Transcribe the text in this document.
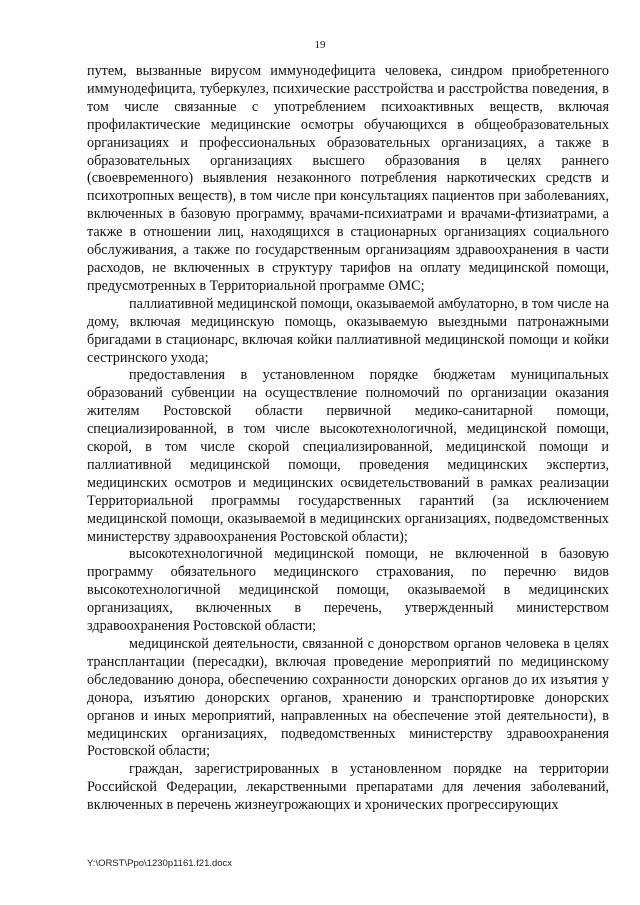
19

путем, вызванные вирусом иммунодефицита человека, синдром приобретенного иммунодефицита, туберкулез, психические расстройства и расстройства поведения, в том числе связанные с употреблением психоактивных веществ, включая профилактические медицинские осмотры обучающихся в общеобразовательных организациях и профессиональных образовательных организациях, а также в образовательных организациях высшего образования в целях раннего (своевременного) выявления незаконного потребления наркотических средств и психотропных веществ), в том числе при консультациях пациентов при заболеваниях, включенных в базовую программу, врачами-психиатрами и врачами-фтизиатрами, а также в отношении лиц, находящихся в стационарных организациях социального обслуживания, а также по государственным организациям здравоохранения в части расходов, не включенных в структуру тарифов на оплату медицинской помощи, предусмотренных в Территориальной программе ОМС;

паллиативной медицинской помощи, оказываемой амбулаторно, в том числе на дому, включая медицинскую помощь, оказываемую выездными патронажными бригадами в стационарс, включая койки паллиативной медицинской помощи и койки сестринского ухода;

предоставления в установленном порядке бюджетам муниципальных образований субвенции на осуществление полномочий по организации оказания жителям Ростовской области первичной медико-санитарной помощи, специализированной, в том числе высокотехнологичной, медицинской помощи, скорой, в том числе скорой специализированной, медицинской помощи и паллиативной медицинской помощи, проведения медицинских экспертиз, медицинских осмотров и медицинских освидетельствований в рамках реализации Территориальной программы государственных гарантий (за исключением медицинской помощи, оказываемой в медицинских организациях, подведомственных министерству здравоохранения Ростовской области);

высокотехнологичной медицинской помощи, не включенной в базовую программу обязательного медицинского страхования, по перечню видов высокотехнологичной медицинской помощи, оказываемой в медицинских организациях, включенных в перечень, утвержденный министерством здравоохранения Ростовской области;

медицинской деятельности, связанной с донорством органов человека в целях трансплантации (пересадки), включая проведение мероприятий по медицинскому обследованию донора, обеспечению сохранности донорских органов до их изъятия у донора, изъятию донорских органов, хранению и транспортировке донорских органов и иных мероприятий, направленных на обеспечение этой деятельности), в медицинских организациях, подведомственных министерству здравоохранения Ростовской области;

граждан, зарегистрированных в установленном порядке на территории Российской Федерации, лекарственными препаратами для лечения заболеваний, включенных в перечень жизнеугрожающих и хронических прогрессирующих

Y:\ORST\Ppo\1230p1161.f21.docx
